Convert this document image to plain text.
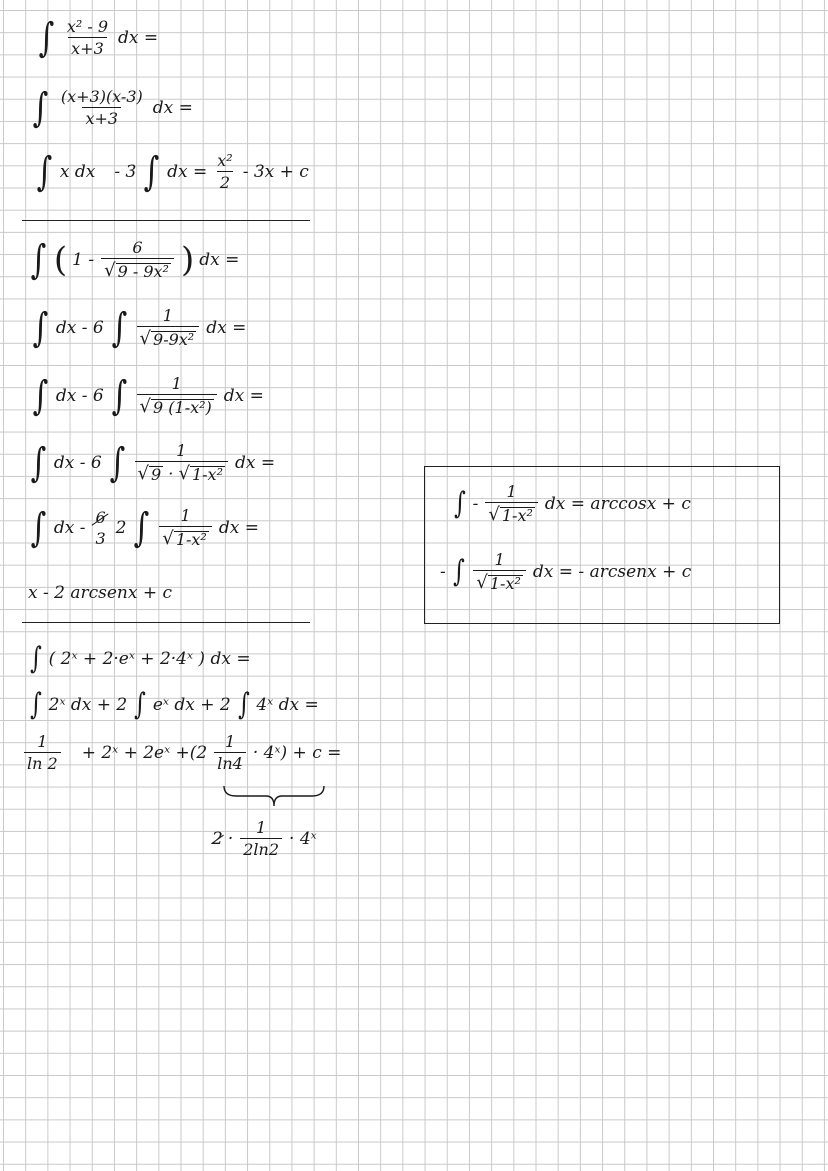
∫ $\frac{\text{x² - 9}}{x+3}$ dx =
∫ $\frac{(x+3)(x-3)}{x+3}$ dx =
∫ x dx - 3 ∫ dx = $\frac{\text{x²}}{2} - 3x + c$
∫ ( $1 - \frac{6}{\text{√ 9 - 9x²}}$ ) dx =
∫ dx - 6 ∫ $\frac{1}{\text{√ 9-9x²}}$ dx =
∫ dx - 6 ∫ $\frac{1}{\text{√ 9 (1-x²)}}$ dx =
∫ dx - 6 ∫ $\frac{1}{\text{√ 9 · √ 1-x²}}$ dx =
∫ dx -
6
3
2 ∫ $\frac{1}{\text{√ 1-x²}}$ dx =
x - 2 arcsenx + c
∫ - $\frac{1}{\text{√ 1-x²}}$ dx = arccosx + c
- ∫ $\frac{1}{\text{√ 1-x²}}$ dx = - arcsenx + c
∫ ( 2ˣ + 2·eˣ + 2·4ˣ ) dx =
∫ 2ˣ dx + 2 ∫ eˣ dx + 2 ∫ 4ˣ dx =
$\frac{1}{\ln 2}$ + 2ˣ + 2eˣ $+(2 \frac{1}{\ln 4}$ · 4ˣ) + c =
$2 \cdot \frac{1}{2\ln 2}$ · 4ˣ
